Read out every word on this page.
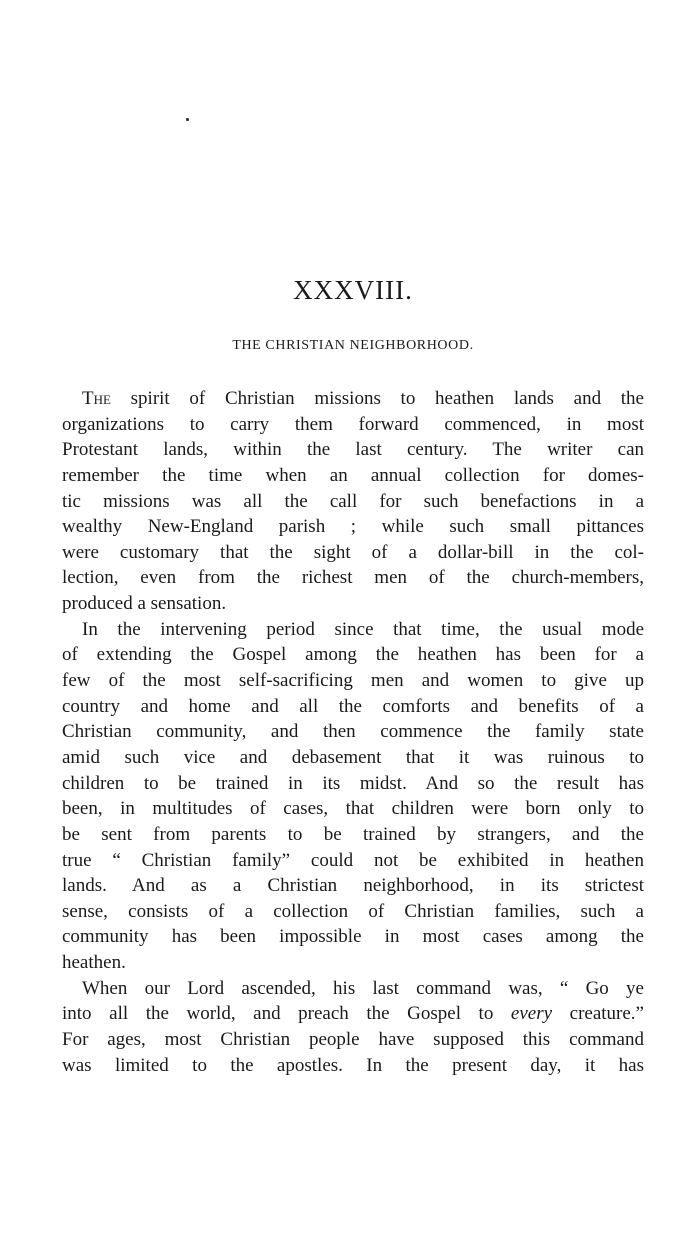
XXXVIII.
THE CHRISTIAN NEIGHBORHOOD.
The spirit of Christian missions to heathen lands and the
organizations to carry them forward commenced, in most
Protestant lands, within the last century. The writer can
remember the time when an annual collection for domes-
tic missions was all the call for such benefactions in a
wealthy New-England parish ; while such small pittances
were customary that the sight of a dollar-bill in the col-
lection, even from the richest men of the church-members,
produced a sensation.
In the intervening period since that time, the usual mode
of extending the Gospel among the heathen has been for a
few of the most self-sacrificing men and women to give up
country and home and all the comforts and benefits of a
Christian community, and then commence the family state
amid such vice and debasement that it was ruinous to
children to be trained in its midst. And so the result has
been, in multitudes of cases, that children were born only to
be sent from parents to be trained by strangers, and the
true “ Christian family” could not be exhibited in heathen
lands. And as a Christian neighborhood, in its strictest
sense, consists of a collection of Christian families, such a
community has been impossible in most cases among the
heathen.
When our Lord ascended, his last command was, “ Go ye
into all the world, and preach the Gospel to every creature.”
For ages, most Christian people have supposed this command
was limited to the apostles. In the present day, it has
